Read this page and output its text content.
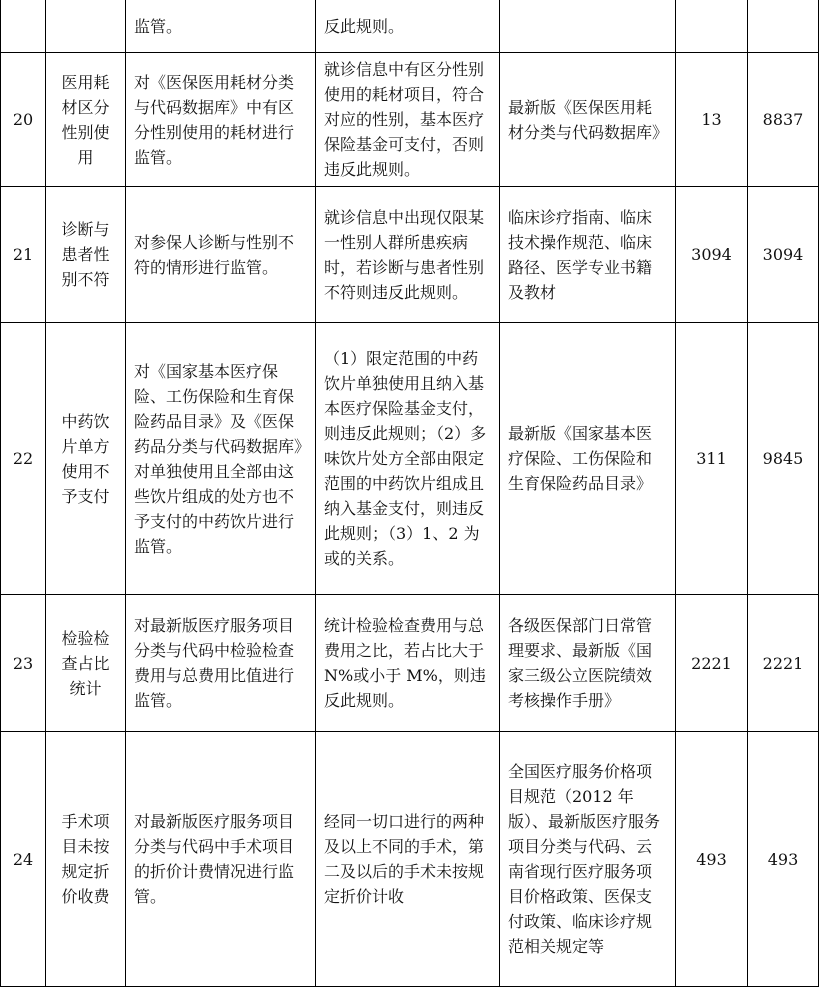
		监管。	反此规则。			
20	医用耗材区分性别使用	对《医保医用耗材分类与代码数据库》中有区分性别使用的耗材进行监管。	就诊信息中有区分性别使用的耗材项目，符合对应的性别，基本医疗保险基金可支付，否则违反此规则。	最新版《医保医用耗材分类与代码数据库》	13	8837
21	诊断与患者性别不符	对参保人诊断与性别不符的情形进行监管。	就诊信息中出现仅限某一性别人群所患疾病时，若诊断与患者性别不符则违反此规则。	临床诊疗指南、临床技术操作规范、临床路径、医学专业书籍及教材	3094	3094
22	中药饮片单方使用不予支付	对《国家基本医疗保险、工伤保险和生育保险药品目录》及《医保药品分类与代码数据库》对单独使用且全部由这些饮片组成的处方也不予支付的中药饮片进行监管。	（1）限定范围的中药饮片单独使用且纳入基本医疗保险基金支付，则违反此规则；（2）多味饮片处方全部由限定范围的中药饮片组成且纳入基金支付，则违反此规则；（3）1、2 为或的关系。	最新版《国家基本医疗保险、工伤保险和生育保险药品目录》	311	9845
23	检验检查占比统计	对最新版医疗服务项目分类与代码中检验检查费用与总费用比值进行监管。	统计检验检查费用与总费用之比，若占比大于 N%或小于 M%，则违反此规则。	各级医保部门日常管理要求、最新版《国家三级公立医院绩效考核操作手册》	2221	2221
24	手术项目未按规定折价收费	对最新版医疗服务项目分类与代码中手术项目的折价计费情况进行监管。	经同一切口进行的两种及以上不同的手术，第二及以后的手术未按规定折价计收	全国医疗服务价格项目规范（2012 年版）、最新版医疗服务项目分类与代码、云南省现行医疗服务项目价格政策、医保支付政策、临床诊疗规范相关规定等	493	493
